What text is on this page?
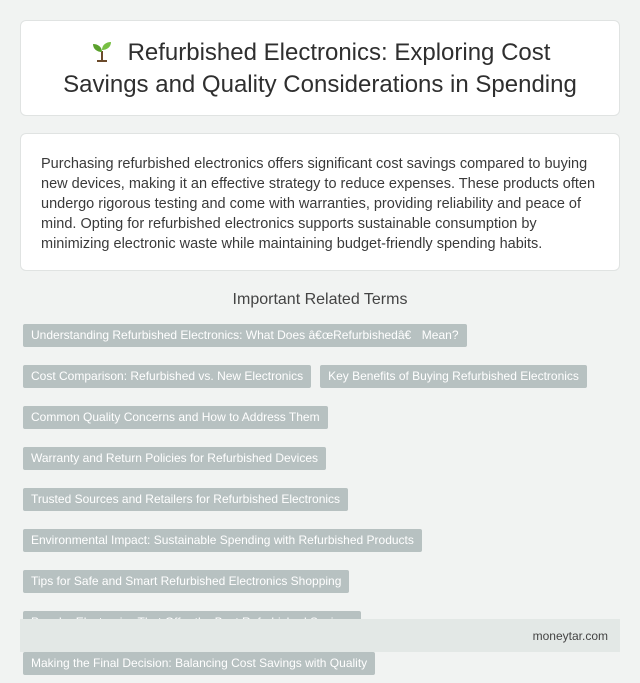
Refurbished Electronics: Exploring Cost Savings and Quality Considerations in Spending

Purchasing refurbished electronics offers significant cost savings compared to buying new devices, making it an effective strategy to reduce expenses. These products often undergo rigorous testing and come with warranties, providing reliability and peace of mind. Opting for refurbished electronics supports sustainable consumption by minimizing electronic waste while maintaining budget-friendly spending habits.

Important Related Terms
Understanding Refurbished Electronics: What Does â€œRefurbishedâ€ Mean?
Cost Comparison: Refurbished vs. New Electronics	Key Benefits of Buying Refurbished Electronics
Common Quality Concerns and How to Address Them
Warranty and Return Policies for Refurbished Devices
Trusted Sources and Retailers for Refurbished Electronics
Environmental Impact: Sustainable Spending with Refurbished Products
Tips for Safe and Smart Refurbished Electronics Shopping
Making the Final Decision: Balancing Cost Savings with Quality
moneytar.com
